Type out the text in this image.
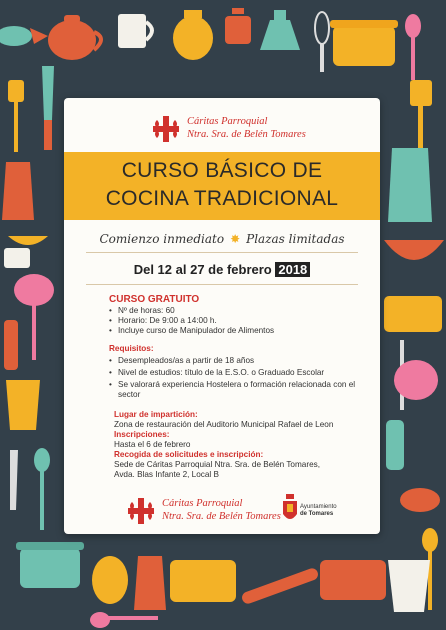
Cáritas Parroquial
Ntra. Sra. de Belén Tomares
CURSO BÁSICO DE
COCINA TRADICIONAL
Comienzo inmediato ✸ Plazas limitadas
Del 12 al 27 de febrero 2018
CURSO GRATUITO
• Nº de horas: 60
• Horario: De 9:00 a 14:00 h.
• Incluye curso de Manipulador de Alimentos
Requisitos:
• Desempleados/as a partir de 18 años
• Nivel de estudios: título de la E.S.O. o Graduado Escolar
• Se valorará experiencia Hostelera o formación relacionada con el sector
Lugar de impartición:
Zona de restauración del Auditorio Municipal Rafael de Leon
Inscripciones:
Hasta el 6 de febrero
Recogida de solicitudes e inscripción:
Sede de Cáritas Parroquial Ntra. Sra. de Belén Tomares,
Avda. Blas Infante 2, Local B
Cáritas Parroquial
Ntra. Sra. de Belén Tomares
Ayuntamiento
de Tomares
